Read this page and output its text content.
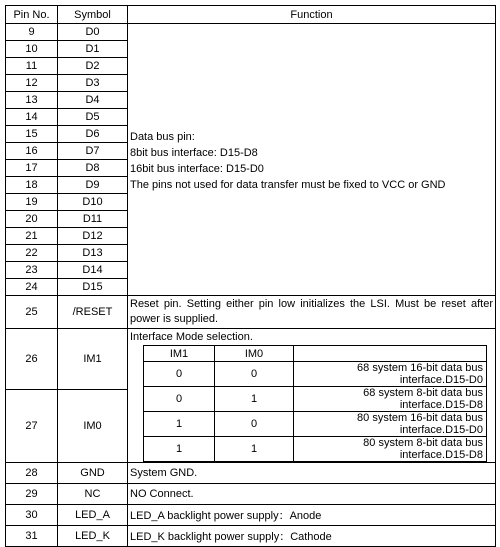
Pin No.	Symbol	Function
9	D0	
Data bus pin:
8bit bus interface: D15-D8
16bit bus interface: D15-D0
The pins not used for data transfer must be fixed to VCC or GND

10	D1
11	D2
12	D3
13	D4
14	D5
15	D6
16	D7
17	D8
18	D9
19	D10
20	D11
21	D12
22	D13
23	D14
24	D15
25	/RESET	Reset pin. Setting either pin low initializes the LSI. Must be reset after power is supplied.
26	IM1	
Interface Mode selection.
IM1	IM0	
0	0	68 system 16-bit data bus interface.D15-D0
0	1	68 system 8-bit data bus interface.D15-D8
1	0	80 system 16-bit data bus interface.D15-D0
1	1	80 system 8-bit data bus interface.D15-D8

27	IM0
28	GND	System GND.
29	NC	NO Connect.
30	LED_A	LED_A backlight power supply：Anode
31	LED_K	LED_K backlight power supply：Cathode
